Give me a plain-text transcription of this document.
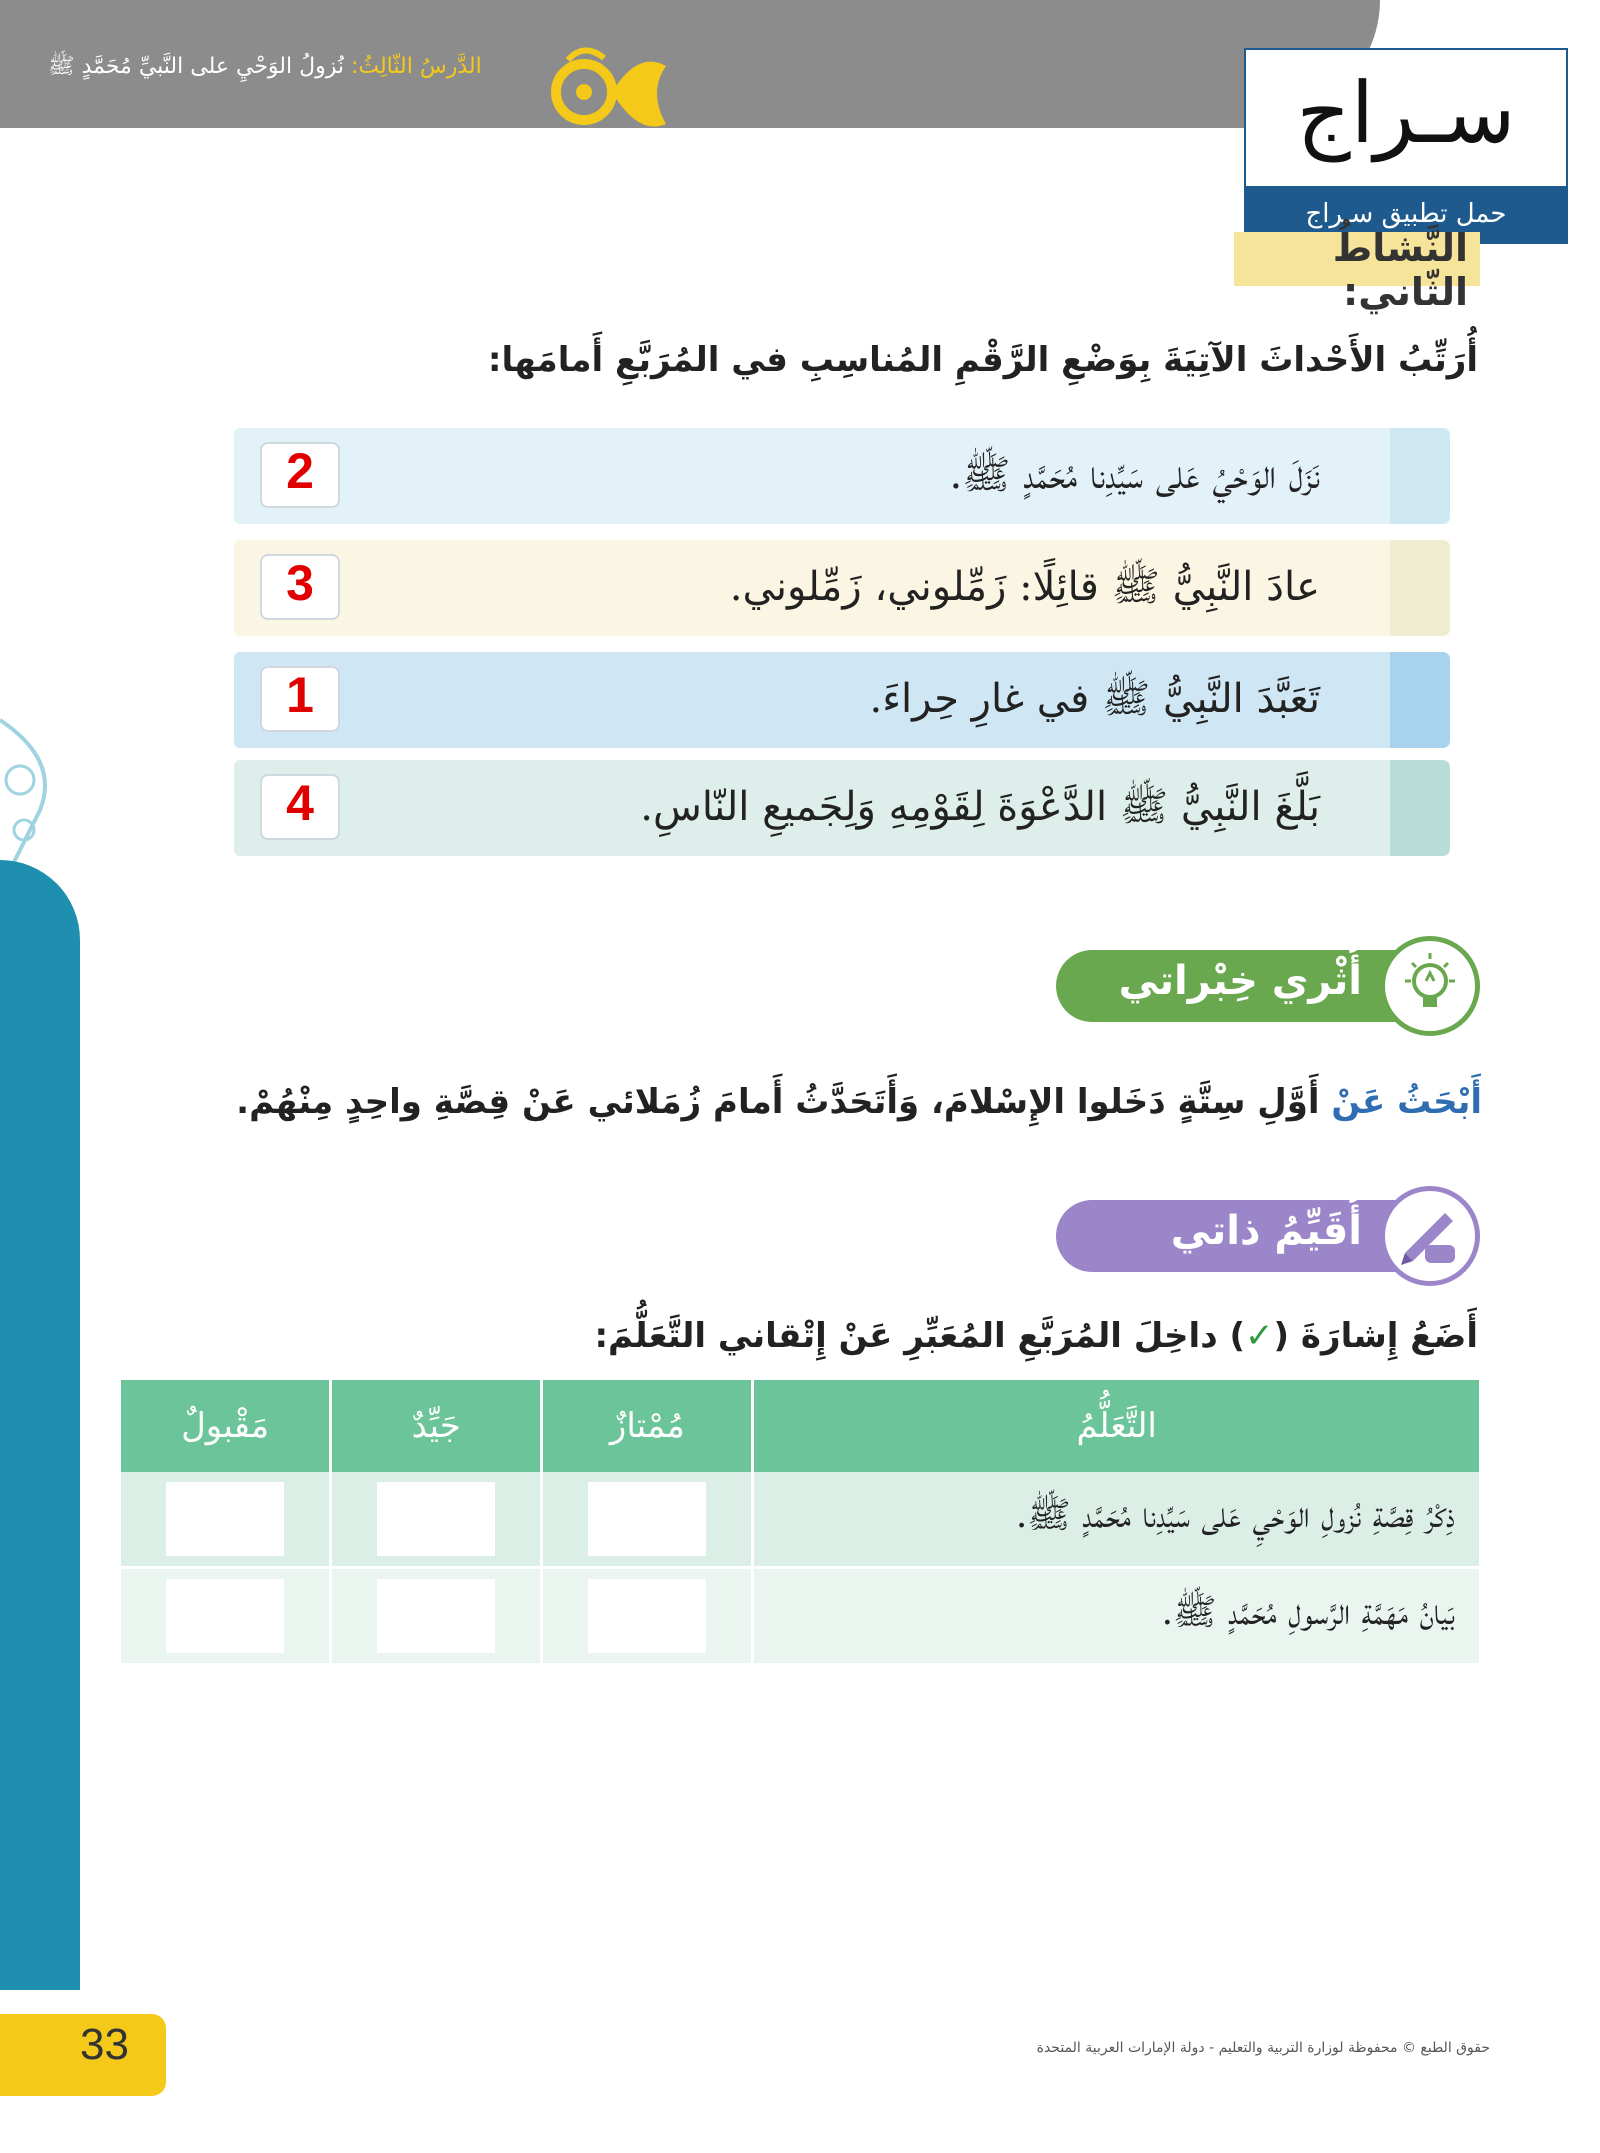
الدَّرسُ الثّالِثُ: نُزولُ الوَحْيِ على النَّبيِّ مُحَمَّدٍ ﷺ	سـراج
حمل تطبيق سـراج
النَّشاطُ الثّاني:
أُرَتِّبُ الأَحْداثَ الآتِيَةَ بِوَضْعِ الرَّقْمِ المُناسِبِ في المُرَبَّعِ أَمامَها:
نَزَلَ الوَحْيُ عَلى سَيِّدِنا مُحَمَّدٍ ﷺ.
2
عادَ النَّبِيُّ ﷺ قائِلًا: زَمِّلوني، زَمِّلوني.
3
تَعَبَّدَ النَّبِيُّ ﷺ في غارِ حِراءَ.
1
بَلَّغَ النَّبِيُّ ﷺ الدَّعْوَةَ لِقَوْمِهِ وَلِجَميعِ النّاسِ.
4
أُثْري خِبْراتي
أَبْحَثُ عَنْ أَوَّلِ سِتَّةٍ دَخَلوا الإِسْلامَ، وَأَتَحَدَّثُ أَمامَ زُمَلائي عَنْ قِصَّةِ واحِدٍ مِنْهُمْ.
أُقَيِّمُ ذاتي
أَضَعُ إِشارَةَ (✓) داخِلَ المُرَبَّعِ المُعَبِّرِ عَنْ إِتْقاني التَّعَلُّمَ:
التَّعَلُّمُ	مُمْتازٌ	جَيِّدٌ	مَقْبولٌ
ذِكْرُ قِصَّةِ نُزولِ الوَحْيِ عَلى سَيِّدِنا مُحَمَّدٍ ﷺ.	

بَيانُ مَهَمَّةِ الرَّسولِ مُحَمَّدٍ ﷺ.	

33	حقوق الطبع © محفوظة لوزارة التربية والتعليم - دولة الإمارات العربية المتحدة
